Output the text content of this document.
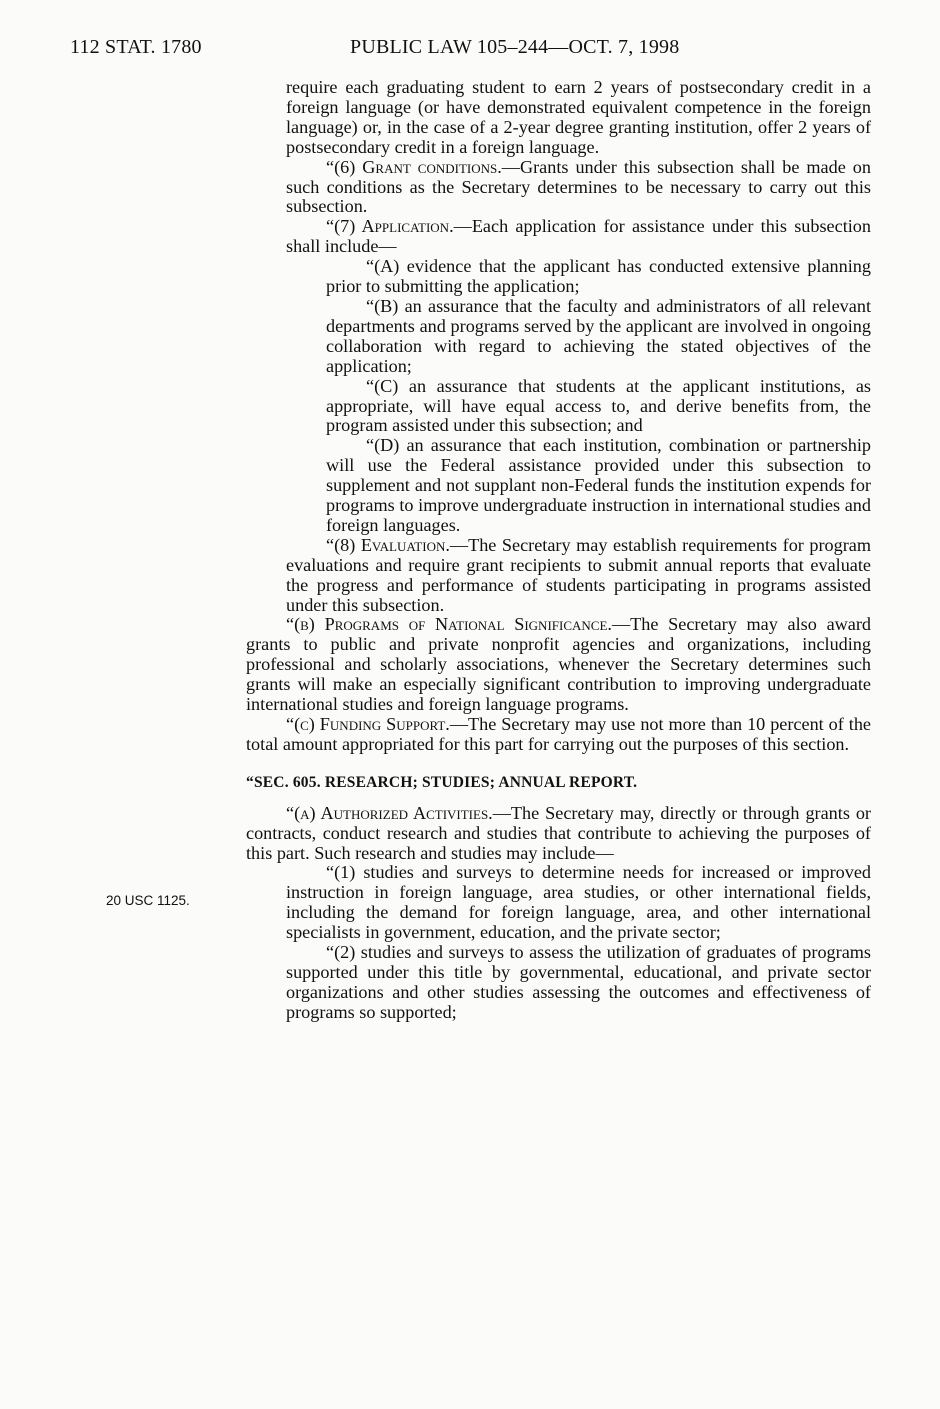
112 STAT. 1780	PUBLIC LAW 105–244—OCT. 7, 1998
20 USC 1125.

require each graduating student to earn 2 years of postsecondary credit in a foreign language (or have demonstrated equivalent competence in the foreign language) or, in the case of a 2-year degree granting institution, offer 2 years of postsecondary credit in a foreign language.

“(6) Grant conditions.—Grants under this subsection shall be made on such conditions as the Secretary determines to be necessary to carry out this subsection.

“(7) Application.—Each application for assistance under this subsection shall include—

“(A) evidence that the applicant has conducted extensive planning prior to submitting the application;

“(B) an assurance that the faculty and administrators of all relevant departments and programs served by the applicant are involved in ongoing collaboration with regard to achieving the stated objectives of the application;

“(C) an assurance that students at the applicant institutions, as appropriate, will have equal access to, and derive benefits from, the program assisted under this subsection; and

“(D) an assurance that each institution, combination or partnership will use the Federal assistance provided under this subsection to supplement and not supplant non-Federal funds the institution expends for programs to improve undergraduate instruction in international studies and foreign languages.

“(8) Evaluation.—The Secretary may establish requirements for program evaluations and require grant recipients to submit annual reports that evaluate the progress and performance of students participating in programs assisted under this subsection.

“(b) Programs of National Significance.—The Secretary may also award grants to public and private nonprofit agencies and organizations, including professional and scholarly associations, whenever the Secretary determines such grants will make an especially significant contribution to improving undergraduate international studies and foreign language programs.

“(c) Funding Support.—The Secretary may use not more than 10 percent of the total amount appropriated for this part for carrying out the purposes of this section.

“SEC. 605. RESEARCH; STUDIES; ANNUAL REPORT.

“(a) Authorized Activities.—The Secretary may, directly or through grants or contracts, conduct research and studies that contribute to achieving the purposes of this part. Such research and studies may include—

“(1) studies and surveys to determine needs for increased or improved instruction in foreign language, area studies, or other international fields, including the demand for foreign language, area, and other international specialists in government, education, and the private sector;

“(2) studies and surveys to assess the utilization of graduates of programs supported under this title by governmental, educational, and private sector organizations and other studies assessing the outcomes and effectiveness of programs so supported;
